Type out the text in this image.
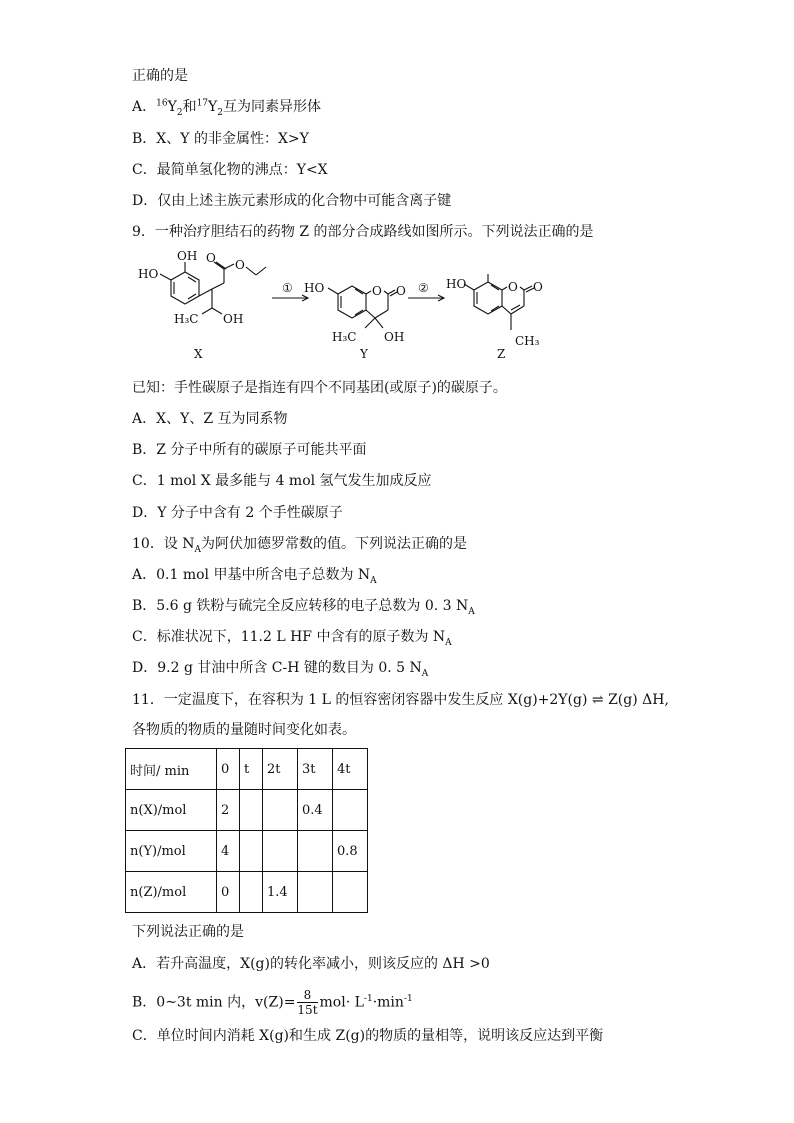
正确的是
A．$^{16}Y_2$和$^{17}Y_2$互为同素异形体
B．X、Y 的非金属性：X>Y
C．最简单氢化物的沸点：Y<X
D．仅由上述主族元素形成的化合物中可能含离子键
9．一种治疗胆结石的药物 Z 的部分合成路线如图所示。下列说法正确的是
OH
HO
O O
H₃C OH
X
①	②
HO	O O
H₃C OH
Y
HO	O O
CH₃
Z
已知：手性碳原子是指连有四个不同基团(或原子)的碳原子。
A．X、Y、Z 互为同系物
B．Z 分子中所有的碳原子可能共平面
C．1 mol X 最多能与 4 mol 氢气发生加成反应
D．Y 分子中含有 2 个手性碳原子
10．设 $N_A$为阿伏加德罗常数的值。下列说法正确的是
A．0.1 mol 甲基中所含电子总数为 $N_A$
B．5.6 g 铁粉与硫完全反应转移的电子总数为 0. 3 $N_A$
C．标准状况下，11.2 L HF 中含有的原子数为 $N_A$
D．9.2 g 甘油中所含 C-H 键的数目为 0. 5 $N_A$
11．一定温度下，在容积为 1 L 的恒容密闭容器中发生反应 X(g)+2Y(g) ⇌ Z(g) ΔH,
各物质的物质的量随时间变化如表。
时间/ min	0	t	2t	3t	4t
n(X)/mol	2			0.4	
n(Y)/mol	4				0.8
n(Z)/mol	0		1.4		
下列说法正确的是
A．若升高温度，X(g)的转化率减小，则该反应的 ΔH >0
B．0~3t min 内，$v(Z)= \frac{8}{15t} mol\cdot L^{-1}\cdot\min^{-1}$
C．单位时间内消耗 X(g)和生成 Z(g)的物质的量相等，说明该反应达到平衡
